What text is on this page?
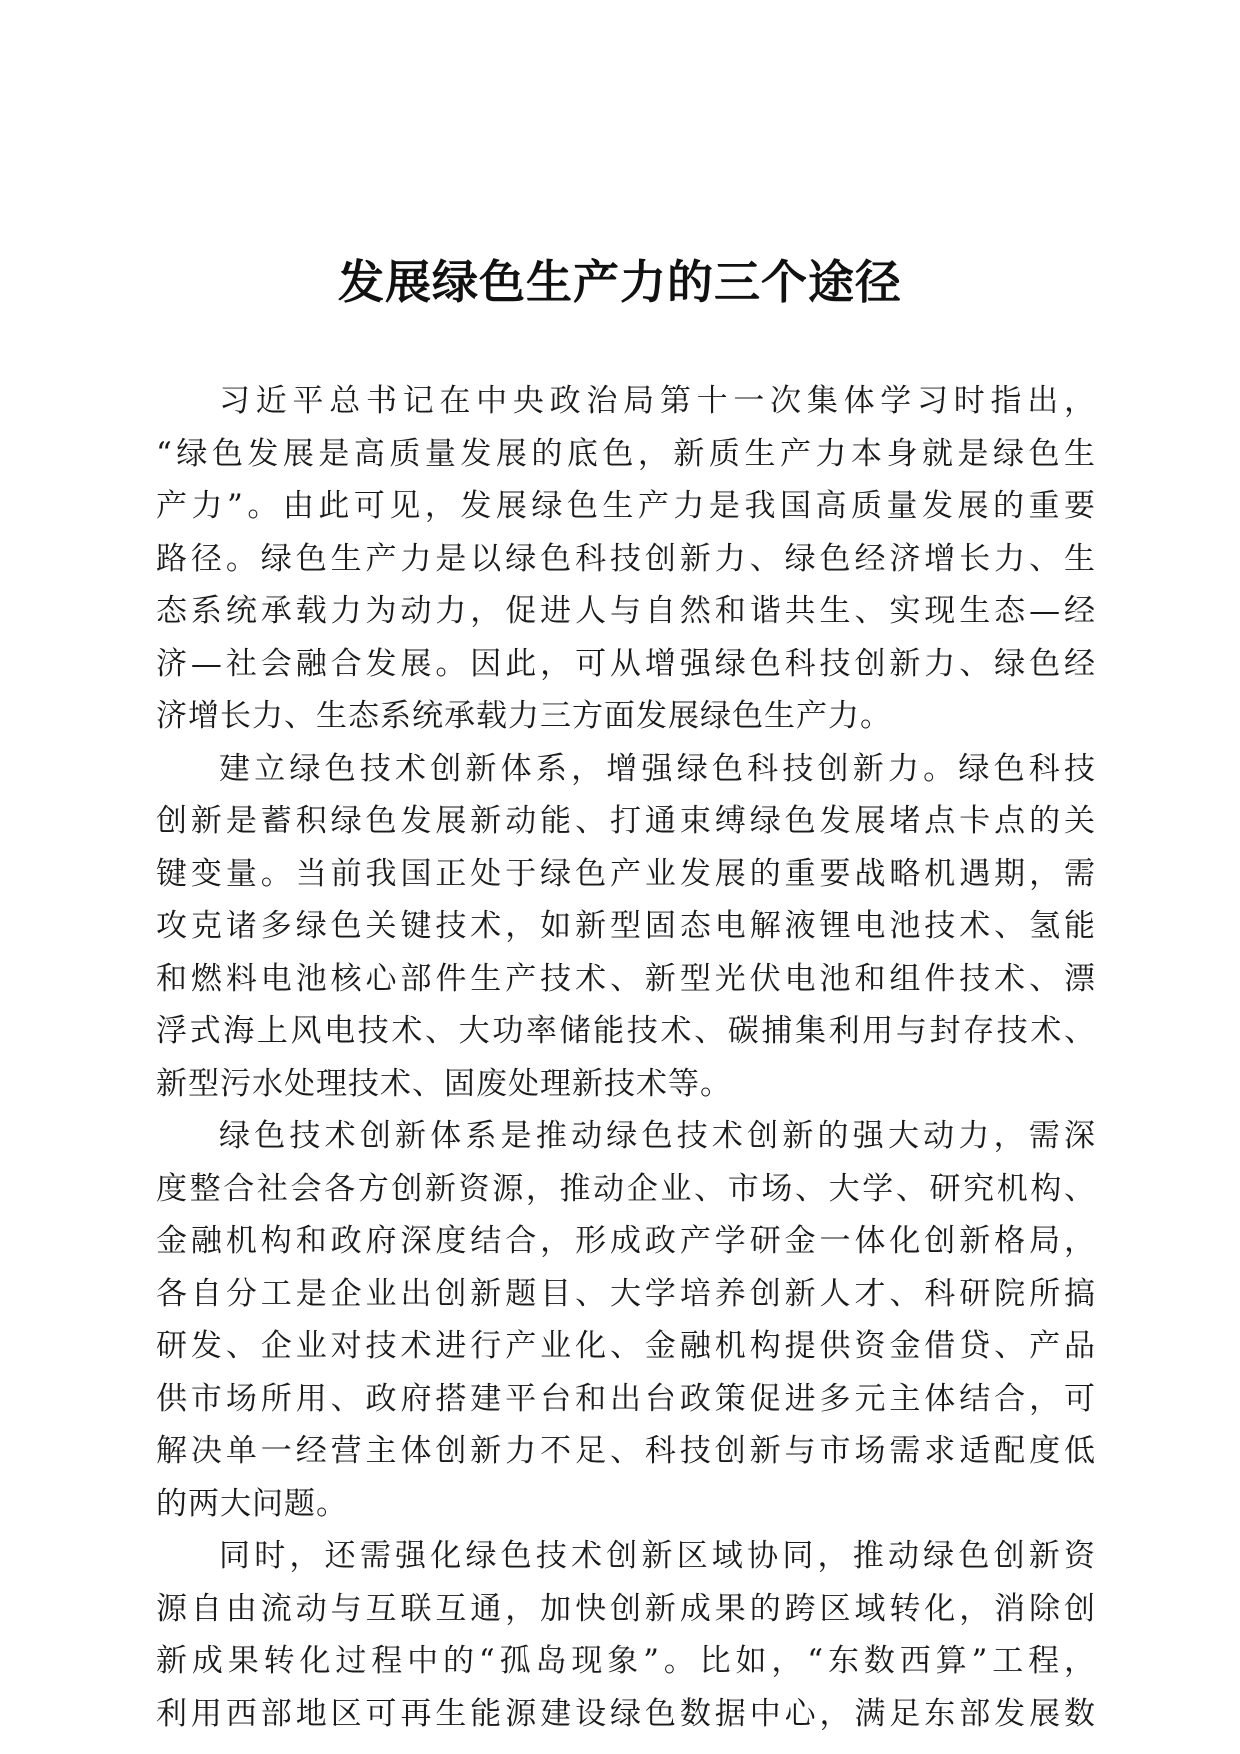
发展绿色生产力的三个途径
习近平总书记在中央政治局第十一次集体学习时指出，
“绿色发展是高质量发展的底色，新质生产力本身就是绿色生
产力”。由此可见，发展绿色生产力是我国高质量发展的重要
路径。绿色生产力是以绿色科技创新力、绿色经济增长力、生
态系统承载力为动力，促进人与自然和谐共生、实现生态—经
济—社会融合发展。因此，可从增强绿色科技创新力、绿色经
济增长力、生态系统承载力三方面发展绿色生产力。
建立绿色技术创新体系，增强绿色科技创新力。绿色科技
创新是蓄积绿色发展新动能、打通束缚绿色发展堵点卡点的关
键变量。当前我国正处于绿色产业发展的重要战略机遇期，需
攻克诸多绿色关键技术，如新型固态电解液锂电池技术、氢能
和燃料电池核心部件生产技术、新型光伏电池和组件技术、漂
浮式海上风电技术、大功率储能技术、碳捕集利用与封存技术、
新型污水处理技术、固废处理新技术等。
绿色技术创新体系是推动绿色技术创新的强大动力，需深
度整合社会各方创新资源，推动企业、市场、大学、研究机构、
金融机构和政府深度结合，形成政产学研金一体化创新格局，
各自分工是企业出创新题目、大学培养创新人才、科研院所搞
研发、企业对技术进行产业化、金融机构提供资金借贷、产品
供市场所用、政府搭建平台和出台政策促进多元主体结合，可
解决单一经营主体创新力不足、科技创新与市场需求适配度低
的两大问题。
同时，还需强化绿色技术创新区域协同，推动绿色创新资
源自由流动与互联互通，加快创新成果的跨区域转化，消除创
新成果转化过程中的“孤岛现象”。比如，“东数西算”工程，
利用西部地区可再生能源建设绿色数据中心，满足东部发展数
